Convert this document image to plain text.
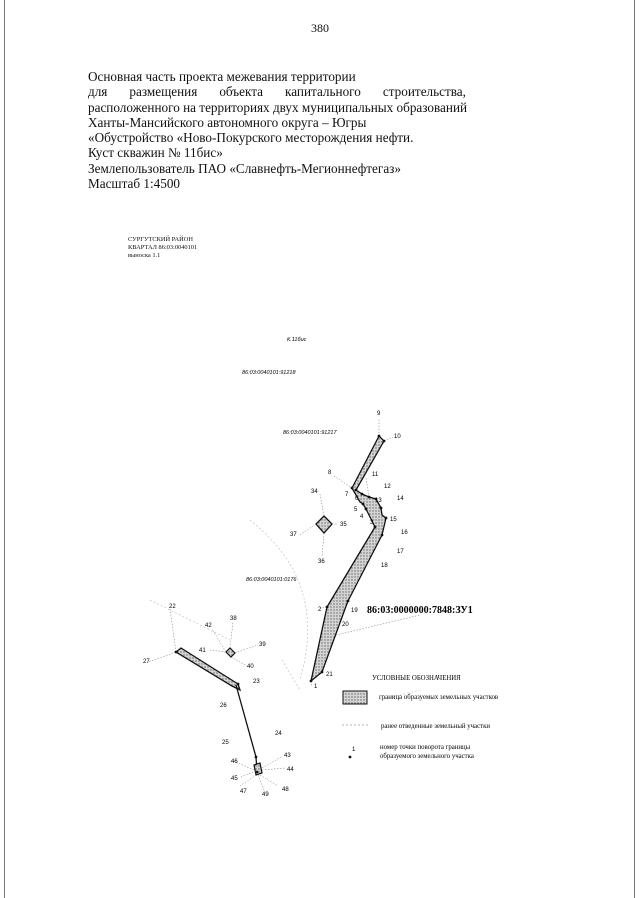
380
Основная часть проекта межевания территории
для размещения объекта капитального строительства,
расположенного на территориях двух муниципальных образований
Ханты-Мансийского автономного округа – Югры
«Обустройство «Ново-Покурского месторождения нефти.
Куст скважин № 11бис»
Землепользователь ПАО «Славнефть-Мегионнефтегаз»
Масштаб 1:4500
СУРГУТСКИЙ РАЙОН
КВАРТАЛ 86:03:0040101
выноска 1.1
К.11бис
86:03:0040101:91218
86:03:0040101:91217
86:03:0040101:0176
86:03:0000000:7848:ЗУ1
1
2
3
4
5
6
7
8
9
10
11
12
13	14
15
16
17
18
19
20
21
22
23
24
25
26
27
34
35
36
37
38
39
40
41
42
43
44
45
46
47	48
49
УСЛОВНЫЕ ОБОЗНАЧЕНИЯ
граница образуемых земельных участков
ранее отведенные земельный участки
1	номер точки поворота границы
образуемого земельного участка
